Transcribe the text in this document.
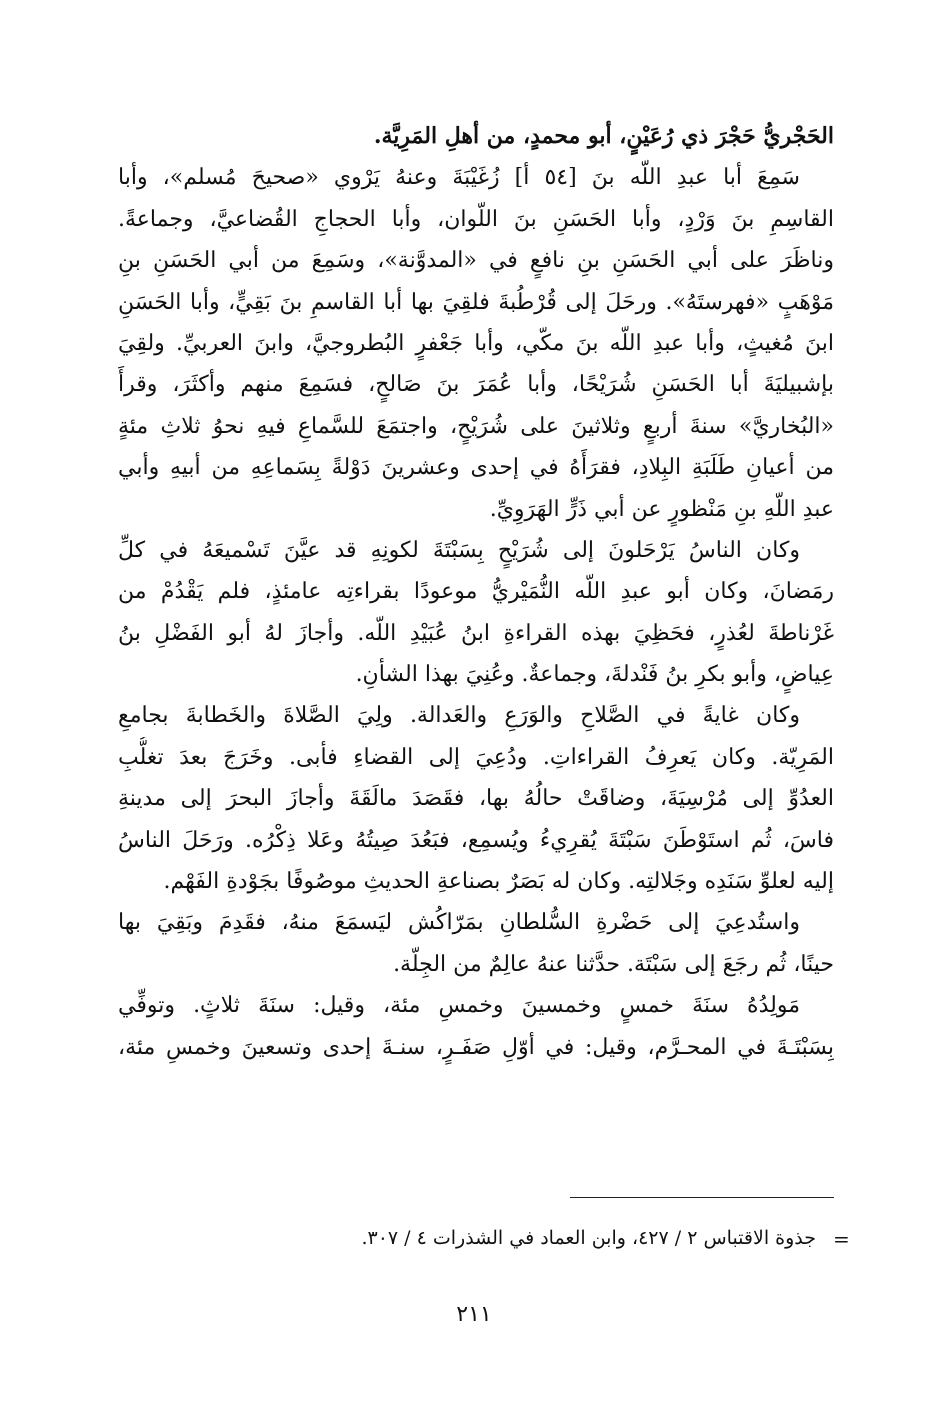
الحَجْريُّ حَجْرَ ذي رُعَيْنٍ، أبو محمدٍ، من أهلِ المَرِيَّة.
سَمِعَ أبا عبدِ اللّه بنَ [٥٤ أ] زُغَيْبَةَ وعنهُ يَرْوي «صحيحَ مُسلم»، وأبا
القاسِمِ بنَ وَرْدٍ، وأبا الحَسَنِ بنَ اللّوان، وأبا الحجاجِ القُضاعيَّ، وجماعةً.
وناظَرَ على أبي الحَسَنِ بنِ نافعٍ في «المدوَّنة»، وسَمِعَ من أبي الحَسَنِ بنِ
مَوْهَبٍ «فهرستَهُ». ورحَلَ إلى قُرْطُبةَ فلقِيَ بها أبا القاسمِ بنَ بَقِيٍّ، وأبا الحَسَنِ
ابنَ مُغيثٍ، وأبا عبدِ اللّه بنَ مكّي، وأبا جَعْفرٍ البُطروجيَّ، وابنَ العربيِّ. ولقِيَ
بإشبيليَةَ أبا الحَسَنِ شُرَيْحًا، وأبا عُمَرَ بنَ صَالحٍ، فسَمِعَ منهم وأكثَرَ، وقرأَ
«البُخاريَّ» سنةَ أربعٍ وثلاثينَ على شُرَيْحٍ، واجتمَعَ للسَّماعِ فيهِ نحوُ ثلاثِ مئةٍ
من أعيانِ طَلَبَةِ البِلادِ، فقرَأَهُ في إحدى وعشرينَ دَوْلةً بِسَماعِهِ من أبيهِ وأبي
عبدِ اللّهِ بنِ مَنْظورٍ عن أبي ذَرٍّ الهَرَوِيِّ.
وكان الناسُ يَرْحَلونَ إلى شُرَيْحٍ بِسَبْتَةَ لكونِهِ قد عيَّنَ تَسْميعَهُ في كلِّ
رمَضانَ، وكان أبو عبدِ اللّه النُّمَيْريُّ موعودًا بقراءتِه عامئذٍ، فلم يَقْدُمْ من
غَرْناطةَ لعُذرٍ، فحَظِيَ بهذه القراءةِ ابنُ عُبَيْدِ اللّه. وأجازَ لهُ أبو الفَضْلِ بنُ
عِياضٍ، وأبو بكرِ بنُ فَنْدلةَ، وجماعةٌ. وعُنِيَ بهذا الشأنِ.
وكان غايةً في الصَّلاحِ والوَرَعِ والعَدالة. ولِيَ الصَّلاةَ والخَطابةَ بجامعِ
المَرِيّة. وكان يَعرِفُ القراءاتِ. ودُعِيَ إلى القضاءِ فأبى. وخَرَجَ بعدَ تغلُّبِ
العدُوِّ إلى مُرْسِيَةَ، وضاقَتْ حالُهُ بها، فقَصَدَ مالَقَةَ وأجازَ البحرَ إلى مدينةِ
فاسَ، ثُم استَوْطَنَ سَبْتَةَ يُقرِيءُ ويُسمِع، فبَعُدَ صِيتُهُ وعَلا ذِكْرُه. ورَحَلَ الناسُ
إليه لعلوِّ سَنَدِه وجَلالتِه. وكان له بَصَرٌ بصناعةِ الحديثِ موصُوفًا بجَوْدةِ الفَهْم.
واستُدعِيَ إلى حَضْرةِ السُّلطانِ بمَرّاكُش ليَسمَعَ منهُ، فقَدِمَ وبَقِيَ بها
حينًا، ثُم رجَعَ إلى سَبْتَة. حدَّثنا عنهُ عالِمٌ من الجِلّة.
مَولِدُهُ سنَةَ خمسٍ وخمسينَ وخمسِ مئة، وقيل: سنَةَ ثلاثٍ. وتوفِّي
بِسَبْتَـةَ في المحـرَّم، وقيل: في أوّلِ صَفَـرٍ، سنـةَ إحدى وتسعينَ وخمسِ مئة،
=
جذوة الاقتباس ٢ / ٤٢٧، وابن العماد في الشذرات ٤ / ٣٠٧.
٢١١
